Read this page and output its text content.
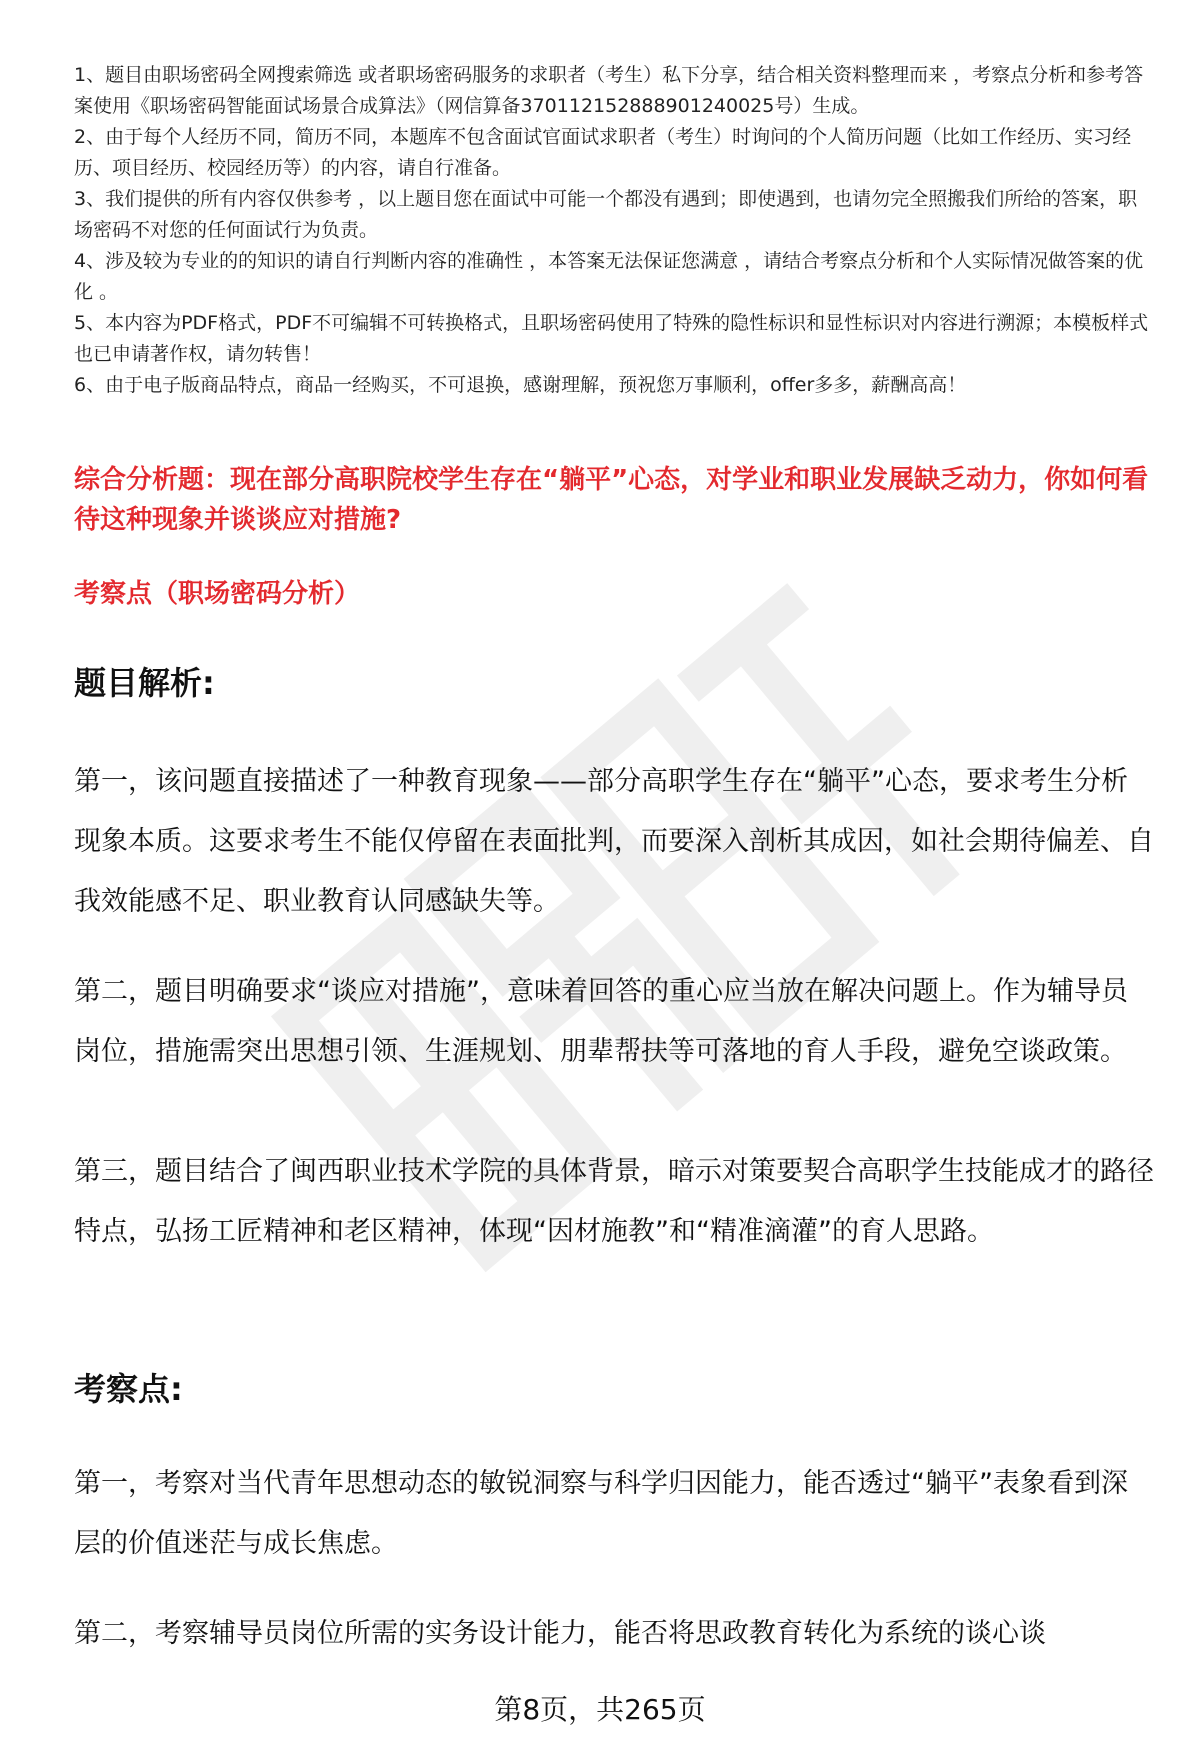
1、题目由职场密码全网搜索筛选 或者职场密码服务的求职者（考生）私下分享，结合相关资料整理而来 ，考察点分析和参考答案使用《职场密码智能面试场景合成算法》（网信算备370112152888901240025号）生成。

2、由于每个人经历不同，简历不同，本题库不包含面试官面试求职者（考生）时询问的个人简历问题（比如工作经历、实习经历、项目经历、校园经历等）的内容，请自行准备。

3、我们提供的所有内容仅供参考 ，以上题目您在面试中可能一个都没有遇到；即使遇到，也请勿完全照搬我们所给的答案，职场密码不对您的任何面试行为负责。

4、涉及较为专业的的知识的请自行判断内容的准确性 ，本答案无法保证您满意 ，请结合考察点分析和个人实际情况做答案的优化 。

5、本内容为PDF格式，PDF不可编辑不可转换格式，且职场密码使用了特殊的隐性标识和显性标识对内容进行溯源；本模板样式也已申请著作权，请勿转售！

6、由于电子版商品特点，商品一经购买，不可退换，感谢理解，预祝您万事顺利，offer多多，薪酬高高！

综合分析题：现在部分高职院校学生存在“躺平”心态，对学业和职业发展缺乏动力，你如何看待这种现象并谈谈应对措施?
考察点（职场密码分析）
题目解析:

第一，该问题直接描述了一种教育现象——部分高职学生存在“躺平”心态，要求考生分析现象本质。这要求考生不能仅停留在表面批判，而要深入剖析其成因，如社会期待偏差、自我效能感不足、职业教育认同感缺失等。

第二，题目明确要求“谈应对措施”，意味着回答的重心应当放在解决问题上。作为辅导员岗位，措施需突出思想引领、生涯规划、朋辈帮扶等可落地的育人手段，避免空谈政策。

第三，题目结合了闽西职业技术学院的具体背景，暗示对策要契合高职学生技能成才的路径特点，弘扬工匠精神和老区精神，体现“因材施教”和“精准滴灌”的育人思路。

考察点:

第一，考察对当代青年思想动态的敏锐洞察与科学归因能力，能否透过“躺平”表象看到深层的价值迷茫与成长焦虑。

第二，考察辅导员岗位所需的实务设计能力，能否将思政教育转化为系统的谈心谈

第8页，共265页
